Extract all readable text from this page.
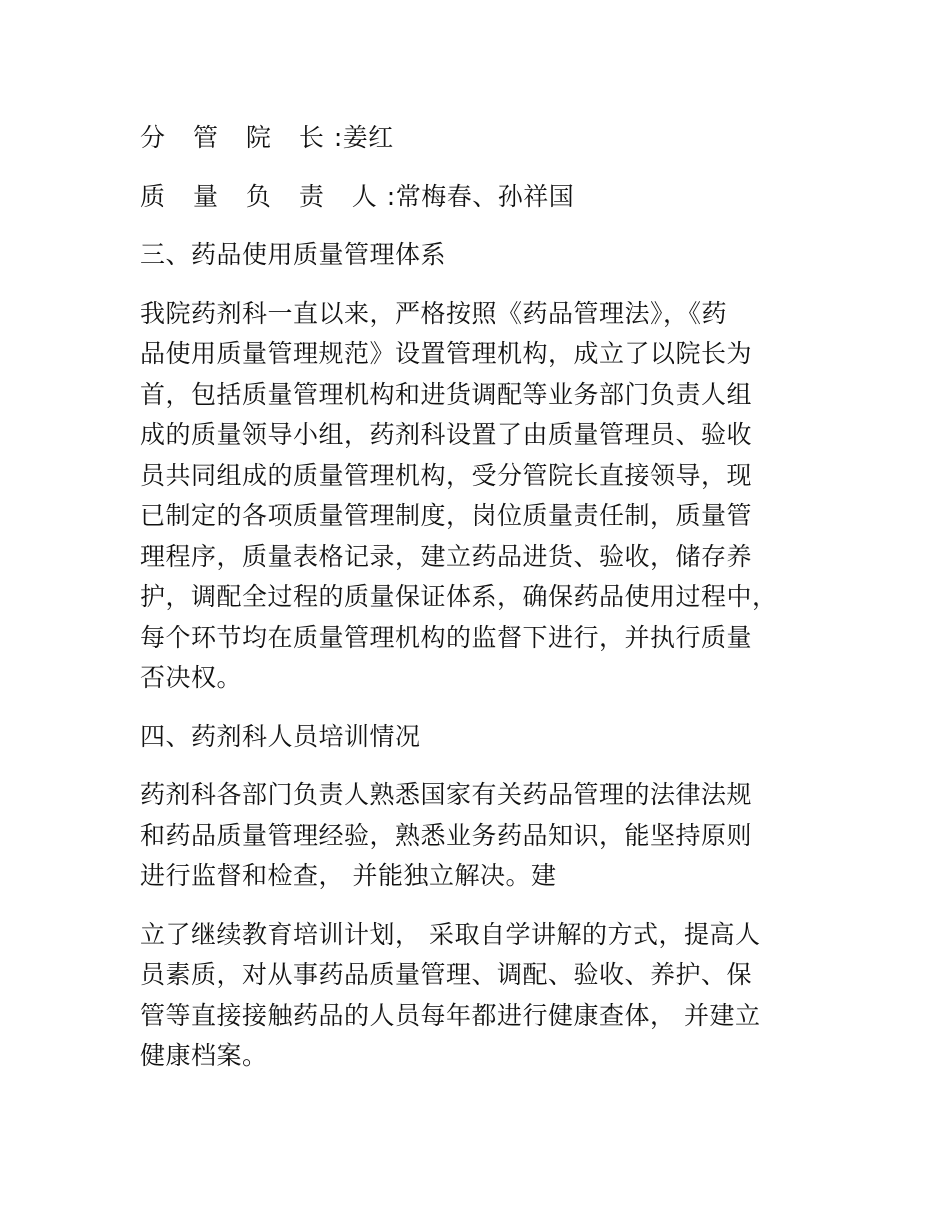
分 管 院 长:姜红

质 量 负 责 人:常梅春、孙祥国

三、药品使用质量管理体系

我院药剂科一直以来，严格按照《药品管理法》，《药

品使用质量管理规范》设置管理机构，成立了以院长为

首，包括质量管理机构和进货调配等业务部门负责人组

成的质量领导小组，药剂科设置了由质量管理员、验收

员共同组成的质量管理机构，受分管院长直接领导，现

已制定的各项质量管理制度，岗位质量责任制，质量管

理程序，质量表格记录，建立药品进货、验收，储存养

护，调配全过程的质量保证体系，确保药品使用过程中，

每个环节均在质量管理机构的监督下进行，并执行质量

否决权。

四、药剂科人员培训情况

药剂科各部门负责人熟悉国家有关药品管理的法律法规

和药品质量管理经验，熟悉业务药品知识，能坚持原则

进行监督和检查， 并能独立解决。建

立了继续教育培训计划， 采取自学讲解的方式，提高人

员素质，对从事药品质量管理、调配、验收、养护、保

管等直接接触药品的人员每年都进行健康查体， 并建立

健康档案。
